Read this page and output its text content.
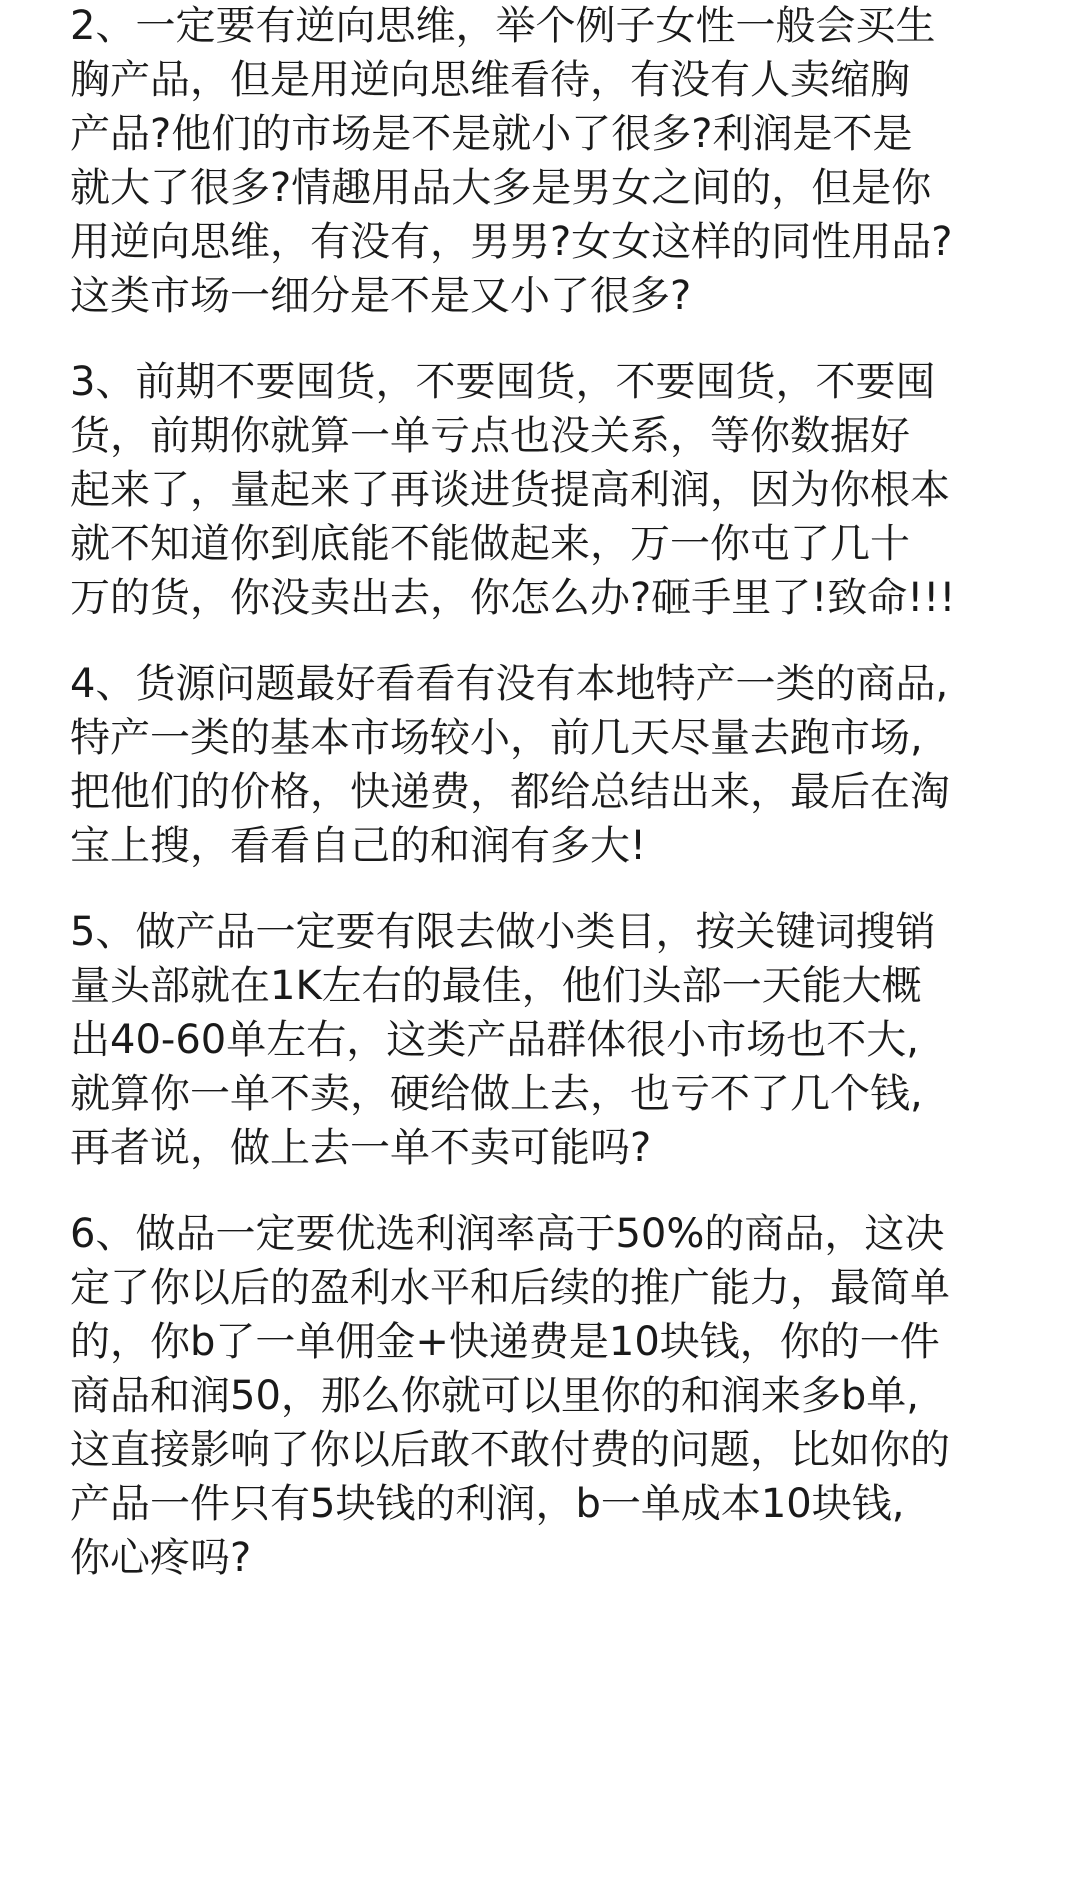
2、一定要有逆向思维，举个例子女性一般会买生
胸产品，但是用逆向思维看待，有没有人卖缩胸
产品?他们的市场是不是就小了很多?利润是不是
就大了很多?情趣用品大多是男女之间的，但是你
用逆向思维，有没有，男男?女女这样的同性用品?
这类市场一细分是不是又小了很多?
3、前期不要囤货，不要囤货，不要囤货，不要囤
货，前期你就算一单亏点也没关系，等你数据好
起来了，量起来了再谈进货提高利润，因为你根本
就不知道你到底能不能做起来，万一你屯了几十
万的货，你没卖出去，你怎么办?砸手里了!致命!!!
4、货源问题最好看看有没有本地特产一类的商品,
特产一类的基本市场较小，前几天尽量去跑市场,
把他们的价格，快递费，都给总结出来，最后在淘
宝上搜，看看自己的和润有多大!
5、做产品一定要有限去做小类目，按关键词搜销
量头部就在1K左右的最佳，他们头部一天能大概
出40-60单左右，这类产品群体很小市场也不大,
就算你一单不卖，硬给做上去，也亏不了几个钱,
再者说，做上去一单不卖可能吗?
6、做品一定要优选利润率高于50%的商品，这决
定了你以后的盈利水平和后续的推广能力，最简单
的，你b了一单佣金+快递费是10块钱，你的一件
商品和润50，那么你就可以里你的和润来多b单,
这直接影响了你以后敢不敢付费的问题，比如你的
产品一件只有5块钱的利润，b一单成本10块钱,
你心疼吗?
